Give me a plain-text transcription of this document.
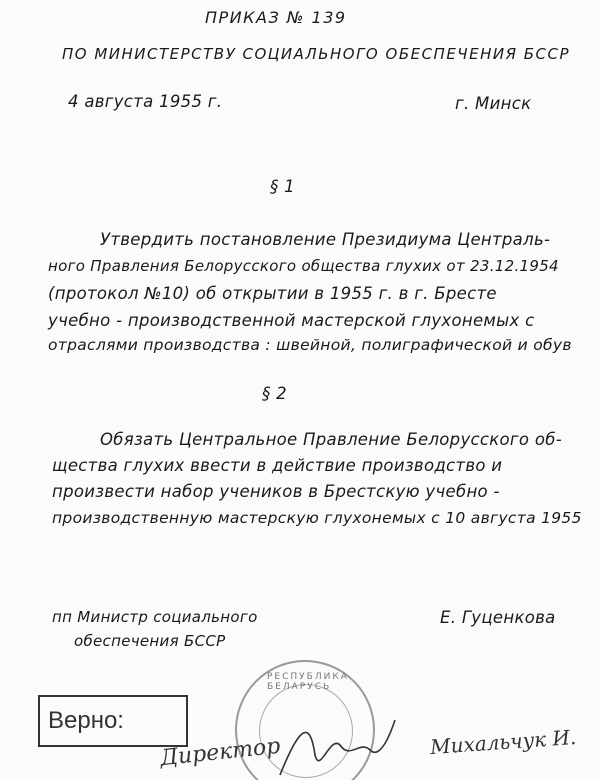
ПРИКАЗ № 139
ПО МИНИСТЕРСТВУ СОЦИАЛЬНОГО ОБЕСПЕЧЕНИЯ БССР
4 августа 1955 г.	г. Минск
§ 1
Утвердить постановление Президиума Централь-
ного Правления Белорусского общества глухих от 23.12.1954
(протокол №10) об открытии в 1955 г. в г. Бресте
учебно - производственной мастерской глухонемых с
отраслями производства : швейной, полиграфической и обув
§ 2
Обязать Центральное Правление Белорусского об-
щества глухих ввести в действие производство и
произвести набор учеников в Брестскую учебно -
производственную мастерскую глухонемых с 10 августа 1955
пп Министр социального
обеспечения БССР
Е. Гуценкова
РЕСПУБЛИКА БЕЛАРУСЬ
Верно:
Директор	Михальчук И.
